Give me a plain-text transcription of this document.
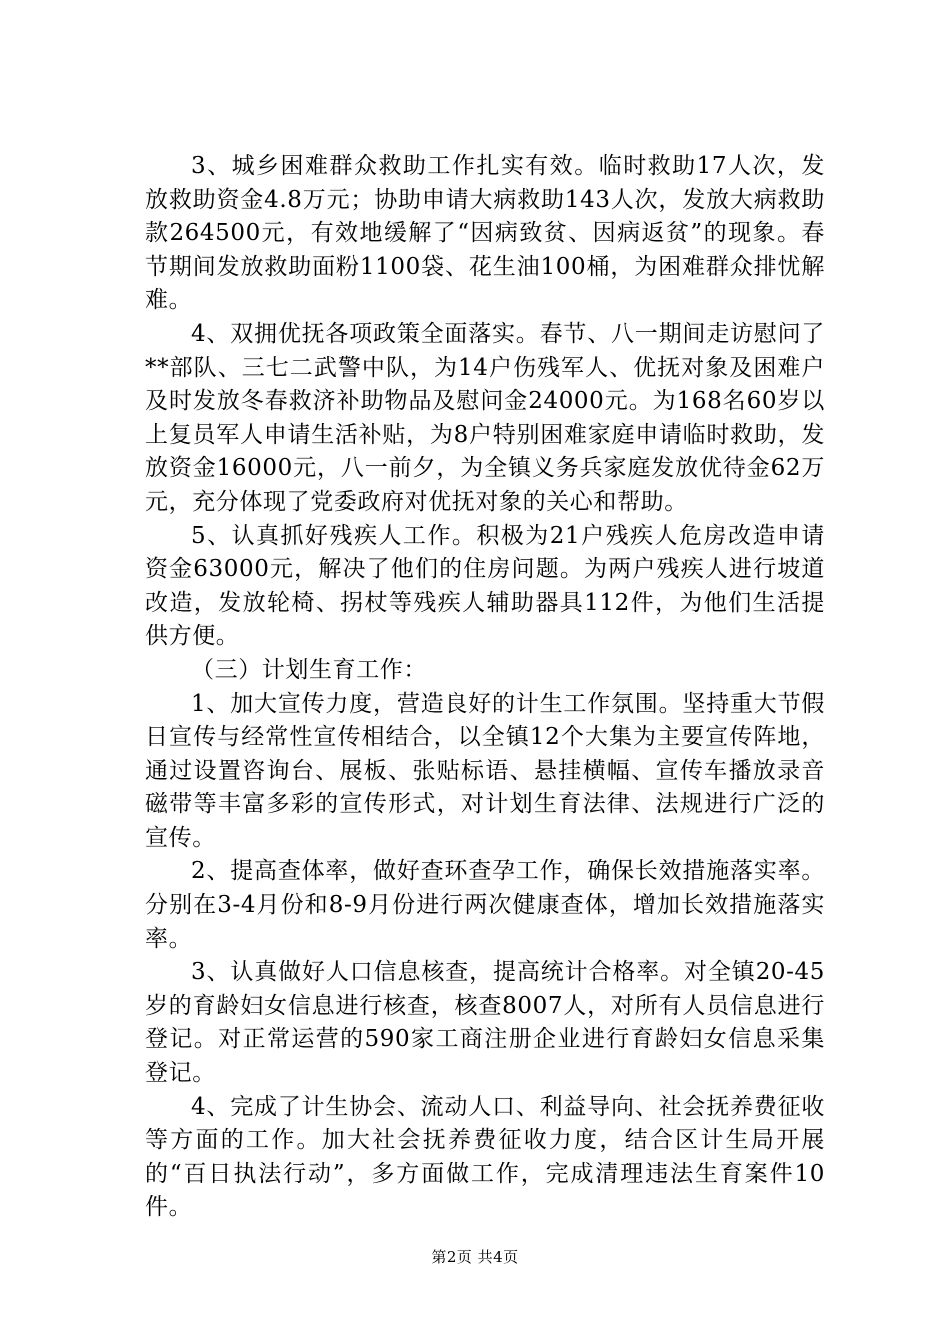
3、城乡困难群众救助工作扎实有效。临时救助17人次，发放救助资金4.8万元；协助申请大病救助143人次，发放大病救助款264500元，有效地缓解了“因病致贫、因病返贫”的现象。春节期间发放救助面粉1100袋、花生油100桶，为困难群众排忧解难。

4、双拥优抚各项政策全面落实。春节、八一期间走访慰问了**部队、三七二武警中队，为14户伤残军人、优抚对象及困难户及时发放冬春救济补助物品及慰问金24000元。为168名60岁以上复员军人申请生活补贴，为8户特别困难家庭申请临时救助，发放资金16000元，八一前夕，为全镇义务兵家庭发放优待金62万元，充分体现了党委政府对优抚对象的关心和帮助。

5、认真抓好残疾人工作。积极为21户残疾人危房改造申请资金63000元，解决了他们的住房问题。为两户残疾人进行坡道改造，发放轮椅、拐杖等残疾人辅助器具112件，为他们生活提供方便。

（三）计划生育工作：

1、加大宣传力度，营造良好的计生工作氛围。坚持重大节假日宣传与经常性宣传相结合，以全镇12个大集为主要宣传阵地，通过设置咨询台、展板、张贴标语、悬挂横幅、宣传车播放录音磁带等丰富多彩的宣传形式，对计划生育法律、法规进行广泛的宣传。

2、提高查体率，做好查环查孕工作，确保长效措施落实率。分别在3-4月份和8-9月份进行两次健康查体，增加长效措施落实率。

3、认真做好人口信息核查，提高统计合格率。对全镇20-45岁的育龄妇女信息进行核查，核查8007人，对所有人员信息进行登记。对正常运营的590家工商注册企业进行育龄妇女信息采集登记。

4、完成了计生协会、流动人口、利益导向、社会抚养费征收等方面的工作。加大社会抚养费征收力度，结合区计生局开展的“百日执法行动”，多方面做工作，完成清理违法生育案件10件。

第2页 共4页
